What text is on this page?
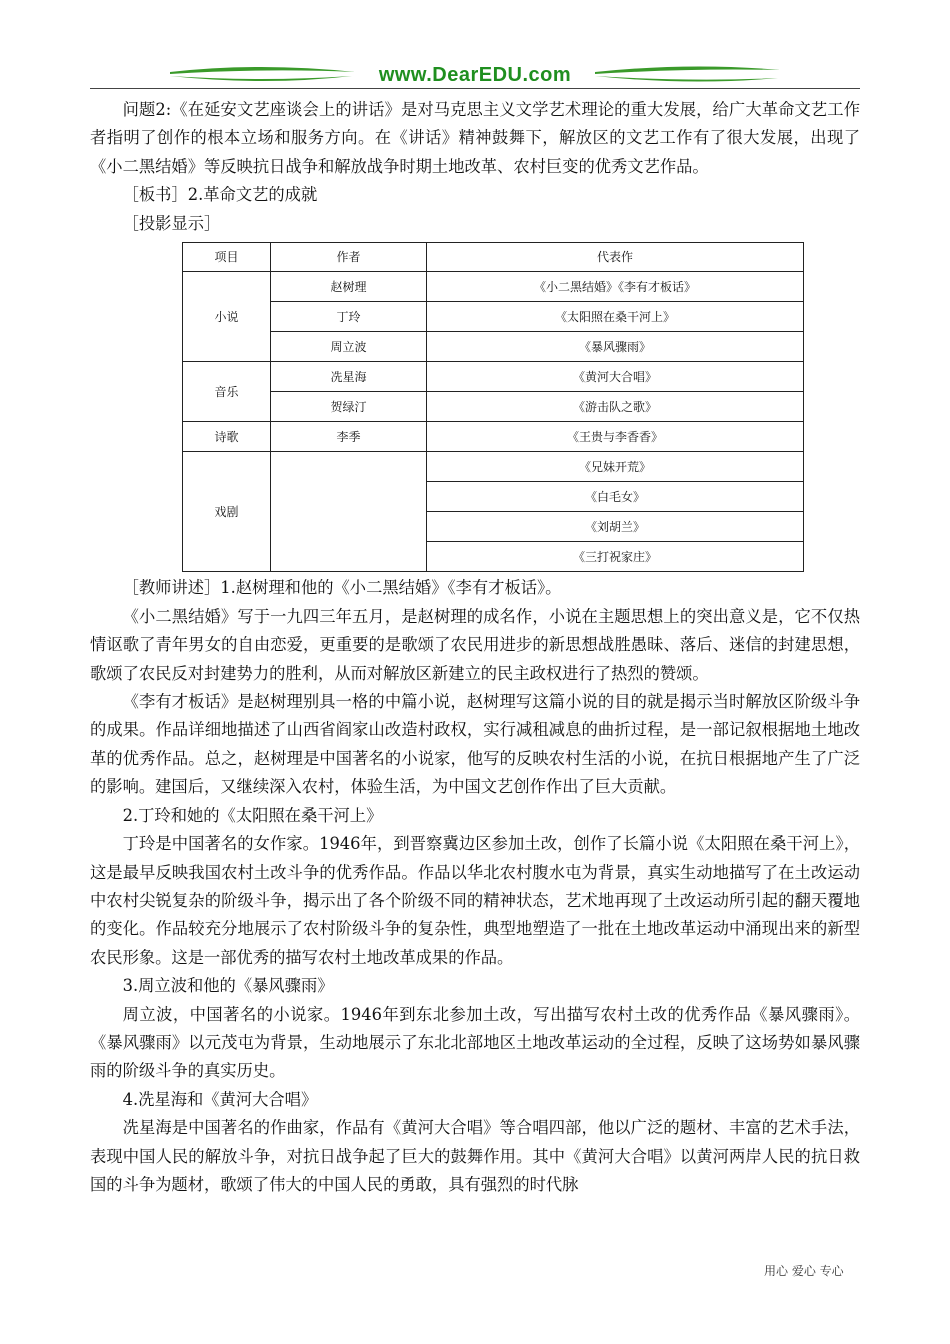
www.DearEDU.com

问题2:《在延安文艺座谈会上的讲话》是对马克思主义文学艺术理论的重大发展，给广大革命文艺工作者指明了创作的根本立场和服务方向。在《讲话》精神鼓舞下，解放区的文艺工作有了很大发展，出现了《小二黑结婚》等反映抗日战争和解放战争时期土地改革、农村巨变的优秀文艺作品。

［板书］2.革命文艺的成就

［投影显示］

项目	作者	代表作
小说	赵树理	《小二黑结婚》《李有才板话》
	丁玲	《太阳照在桑干河上》
	周立波	《暴风骤雨》
音乐	冼星海	《黄河大合唱》
	贺绿汀	《游击队之歌》
诗歌	李季	《王贵与李香香》
戏剧		《兄妹开荒》
		《白毛女》
		《刘胡兰》
		《三打祝家庄》

［教师讲述］1.赵树理和他的《小二黑结婚》《李有才板话》。

《小二黑结婚》写于一九四三年五月，是赵树理的成名作，小说在主题思想上的突出意义是，它不仅热情讴歌了青年男女的自由恋爱，更重要的是歌颂了农民用进步的新思想战胜愚昧、落后、迷信的封建思想，歌颂了农民反对封建势力的胜利，从而对解放区新建立的民主政权进行了热烈的赞颂。

《李有才板话》是赵树理别具一格的中篇小说，赵树理写这篇小说的目的就是揭示当时解放区阶级斗争的成果。作品详细地描述了山西省阎家山改造村政权，实行减租减息的曲折过程，是一部记叙根据地土地改革的优秀作品。总之，赵树理是中国著名的小说家，他写的反映农村生活的小说，在抗日根据地产生了广泛的影响。建国后，又继续深入农村，体验生活，为中国文艺创作作出了巨大贡献。

2.丁玲和她的《太阳照在桑干河上》

丁玲是中国著名的女作家。1946年，到晋察冀边区参加土改，创作了长篇小说《太阳照在桑干河上》，这是最早反映我国农村土改斗争的优秀作品。作品以华北农村腹水屯为背景，真实生动地描写了在土改运动中农村尖锐复杂的阶级斗争，揭示出了各个阶级不同的精神状态，艺术地再现了土改运动所引起的翻天覆地的变化。作品较充分地展示了农村阶级斗争的复杂性，典型地塑造了一批在土地改革运动中涌现出来的新型农民形象。这是一部优秀的描写农村土地改革成果的作品。

3.周立波和他的《暴风骤雨》

周立波，中国著名的小说家。1946年到东北参加土改，写出描写农村土改的优秀作品《暴风骤雨》。《暴风骤雨》以元茂屯为背景，生动地展示了东北北部地区土地改革运动的全过程，反映了这场势如暴风骤雨的阶级斗争的真实历史。

4.冼星海和《黄河大合唱》

冼星海是中国著名的作曲家，作品有《黄河大合唱》等合唱四部，他以广泛的题材、丰富的艺术手法，表现中国人民的解放斗争，对抗日战争起了巨大的鼓舞作用。其中《黄河大合唱》以黄河两岸人民的抗日救国的斗争为题材，歌颂了伟大的中国人民的勇敢，具有强烈的时代脉

用心 爱心 专心
